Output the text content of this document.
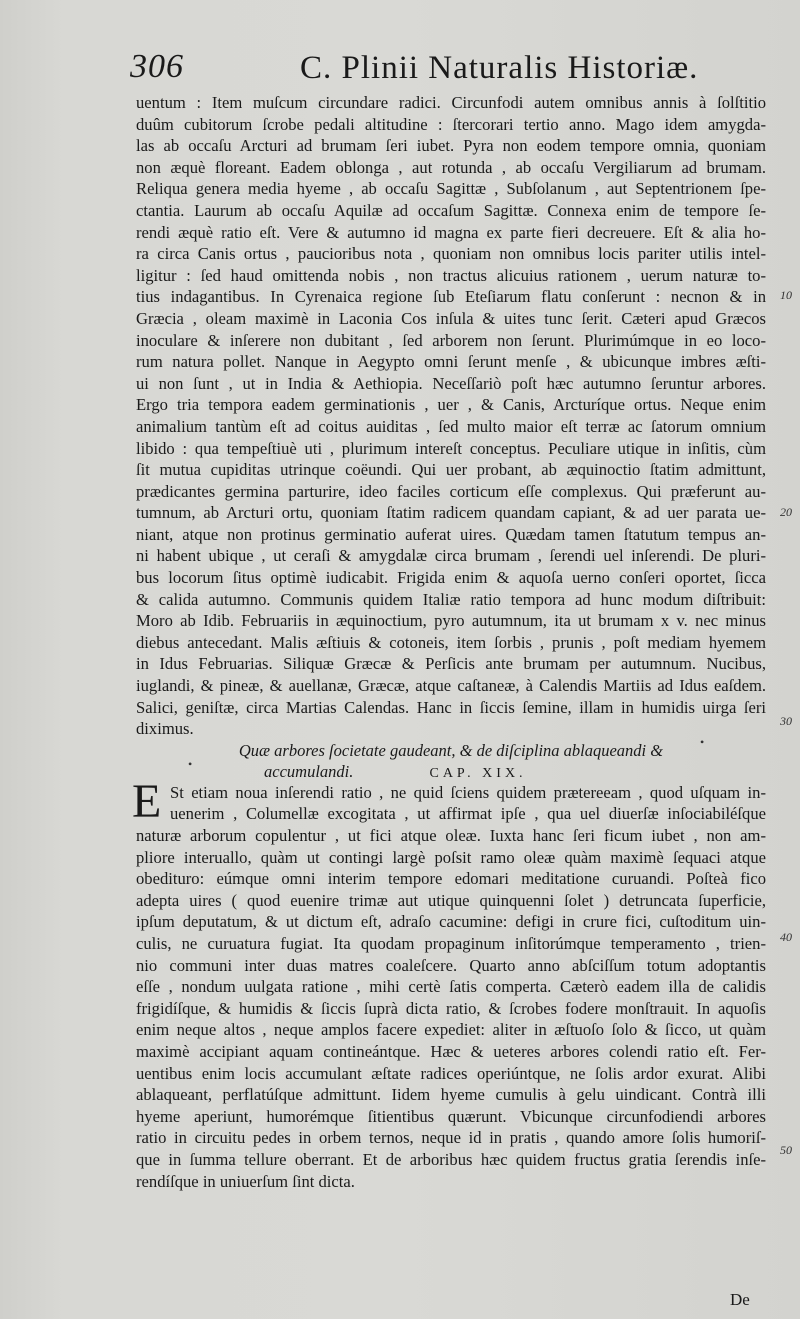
306	C. Plinii Naturalis Historiæ.
uentum : Item muſcum circundare radici. Circunfodi autem omnibus annis à ſolſtitio
duûm cubitorum ſcrobe pedali altitudine : ſtercorari tertio anno. Mago idem amygda-
las ab occaſu Arcturi ad brumam ſeri iubet. Pyra non eodem tempore omnia, quoniam
non æquè floreant. Eadem oblonga , aut rotunda , ab occaſu Vergiliarum ad brumam.
Reliqua genera media hyeme , ab occaſu Sagittæ , Subſolanum , aut Septentrionem ſpe-
ctantia. Laurum ab occaſu Aquilæ ad occaſum Sagittæ. Connexa enim de tempore ſe-
rendi æquè ratio eſt. Vere & autumno id magna ex parte fieri decreuere. Eſt & alia ho-
ra circa Canis ortus , paucioribus nota , quoniam non omnibus locis pariter utilis intel-
ligitur : ſed haud omittenda nobis , non tractus alicuius rationem , uerum naturæ to-
tius indagantibus. In Cyrenaica regione ſub Eteſiarum flatu conſerunt : necnon & in
Græcia , oleam maximè in Laconia Cos inſula & uites tunc ſerit. Cæteri apud Græcos
inoculare & inſerere non dubitant , ſed arborem non ſerunt. Plurimúmque in eo loco-
rum natura pollet. Nanque in Aegypto omni ſerunt menſe , & ubicunque imbres æſti-
ui non ſunt , ut in India & Aethiopia. Neceſſariò poſt hæc autumno ſeruntur arbores.
Ergo tria tempora eadem germinationis , uer , & Canis, Arcturíque ortus. Neque enim
animalium tantùm eſt ad coitus auiditas , ſed multo maior eſt terræ ac ſatorum omnium
libido : qua tempeſtiuè uti , plurimum intereſt conceptus. Peculiare utique in inſitis, cùm
ſit mutua cupiditas utrinque coëundi. Qui uer probant, ab æquinoctio ſtatim admittunt,
prædicantes germina parturire, ideo faciles corticum eſſe complexus. Qui præferunt au-
tumnum, ab Arcturi ortu, quoniam ſtatim radicem quandam capiant, & ad uer parata ue-
niant, atque non protinus germinatio auferat uires. Quædam tamen ſtatutum tempus an-
ni habent ubique , ut ceraſi & amygdalæ circa brumam , ſerendi uel inſerendi. De pluri-
bus locorum ſitus optimè iudicabit. Frigida enim & aquoſa uerno conſeri oportet, ſicca
& calida autumno. Communis quidem Italiæ ratio tempora ad hunc modum diſtribuit:
Moro ab Idib. Februariis in æquinoctium, pyro autumnum, ita ut brumam x v. nec minus
diebus antecedant. Malis æſtiuis & cotoneis, item ſorbis , prunis , poſt mediam hyemem
in Idus Februarias. Siliquæ Græcæ & Perſicis ante brumam per autumnum. Nucibus,
iuglandi, & pineæ, & auellanæ, Græcæ, atque caſtaneæ, à Calendis Martiis ad Idus eaſdem.
Salici, geniſtæ, circa Martias Calendas. Hanc in ſiccis ſemine, illam in humidis uirga ſeri
diximus.
Quæ arbores ſocietate gaudeant, & de diſciplina ablaqueandi &
accumulandi.	CAP. XIX.
E St etiam noua inſerendi ratio , ne quid ſciens quidem prætereeam , quod uſquam in-
uenerim , Columellæ excogitata , ut affirmat ipſe , qua uel diuerſæ inſociabiléſque
naturæ arborum copulentur , ut fici atque oleæ. Iuxta hanc ſeri ficum iubet , non am-
pliore interuallo, quàm ut contingi largè poſsit ramo oleæ quàm maximè ſequaci atque
obedituro: eúmque omni interim tempore edomari meditatione curuandi. Poſteà fico
adepta uires ( quod euenire trimæ aut utique quinquenni ſolet ) detruncata ſuperficie,
ipſum deputatum, & ut dictum eſt, adraſo cacumine: defigi in crure fici, cuſtoditum uin-
culis, ne curuatura fugiat. Ita quodam propaginum inſitorúmque temperamento , trien-
nio communi inter duas matres coaleſcere. Quarto anno abſciſſum totum adoptantis
eſſe , nondum uulgata ratione , mihi certè ſatis comperta. Cæterò eadem illa de calidis
frigidíſque, & humidis & ſiccis ſuprà dicta ratio, & ſcrobes fodere monſtrauit. In aquoſis
enim neque altos , neque amplos facere expediet: aliter in æſtuoſo ſolo & ſicco, ut quàm
maximè accipiant aquam contineántque. Hæc & ueteres arbores colendi ratio eſt. Fer-
uentibus enim locis accumulant æſtate radices operiúntque, ne ſolis ardor exurat. Alibi
ablaqueant, perflatúſque admittunt. Iidem hyeme cumulis à gelu uindicant. Contrà illi
hyeme aperiunt, humorémque ſitientibus quærunt. Vbicunque circunfodiendi arbores
ratio in circuitu pedes in orbem ternos, neque id in pratis , quando amore ſolis humoriſ-
que in ſumma tellure oberrant. Et de arboribus hæc quidem fructus gratia ſerendis inſe-
rendíſque in uniuerſum ſint dicta.
10
20
30
40
50
•
•
De
